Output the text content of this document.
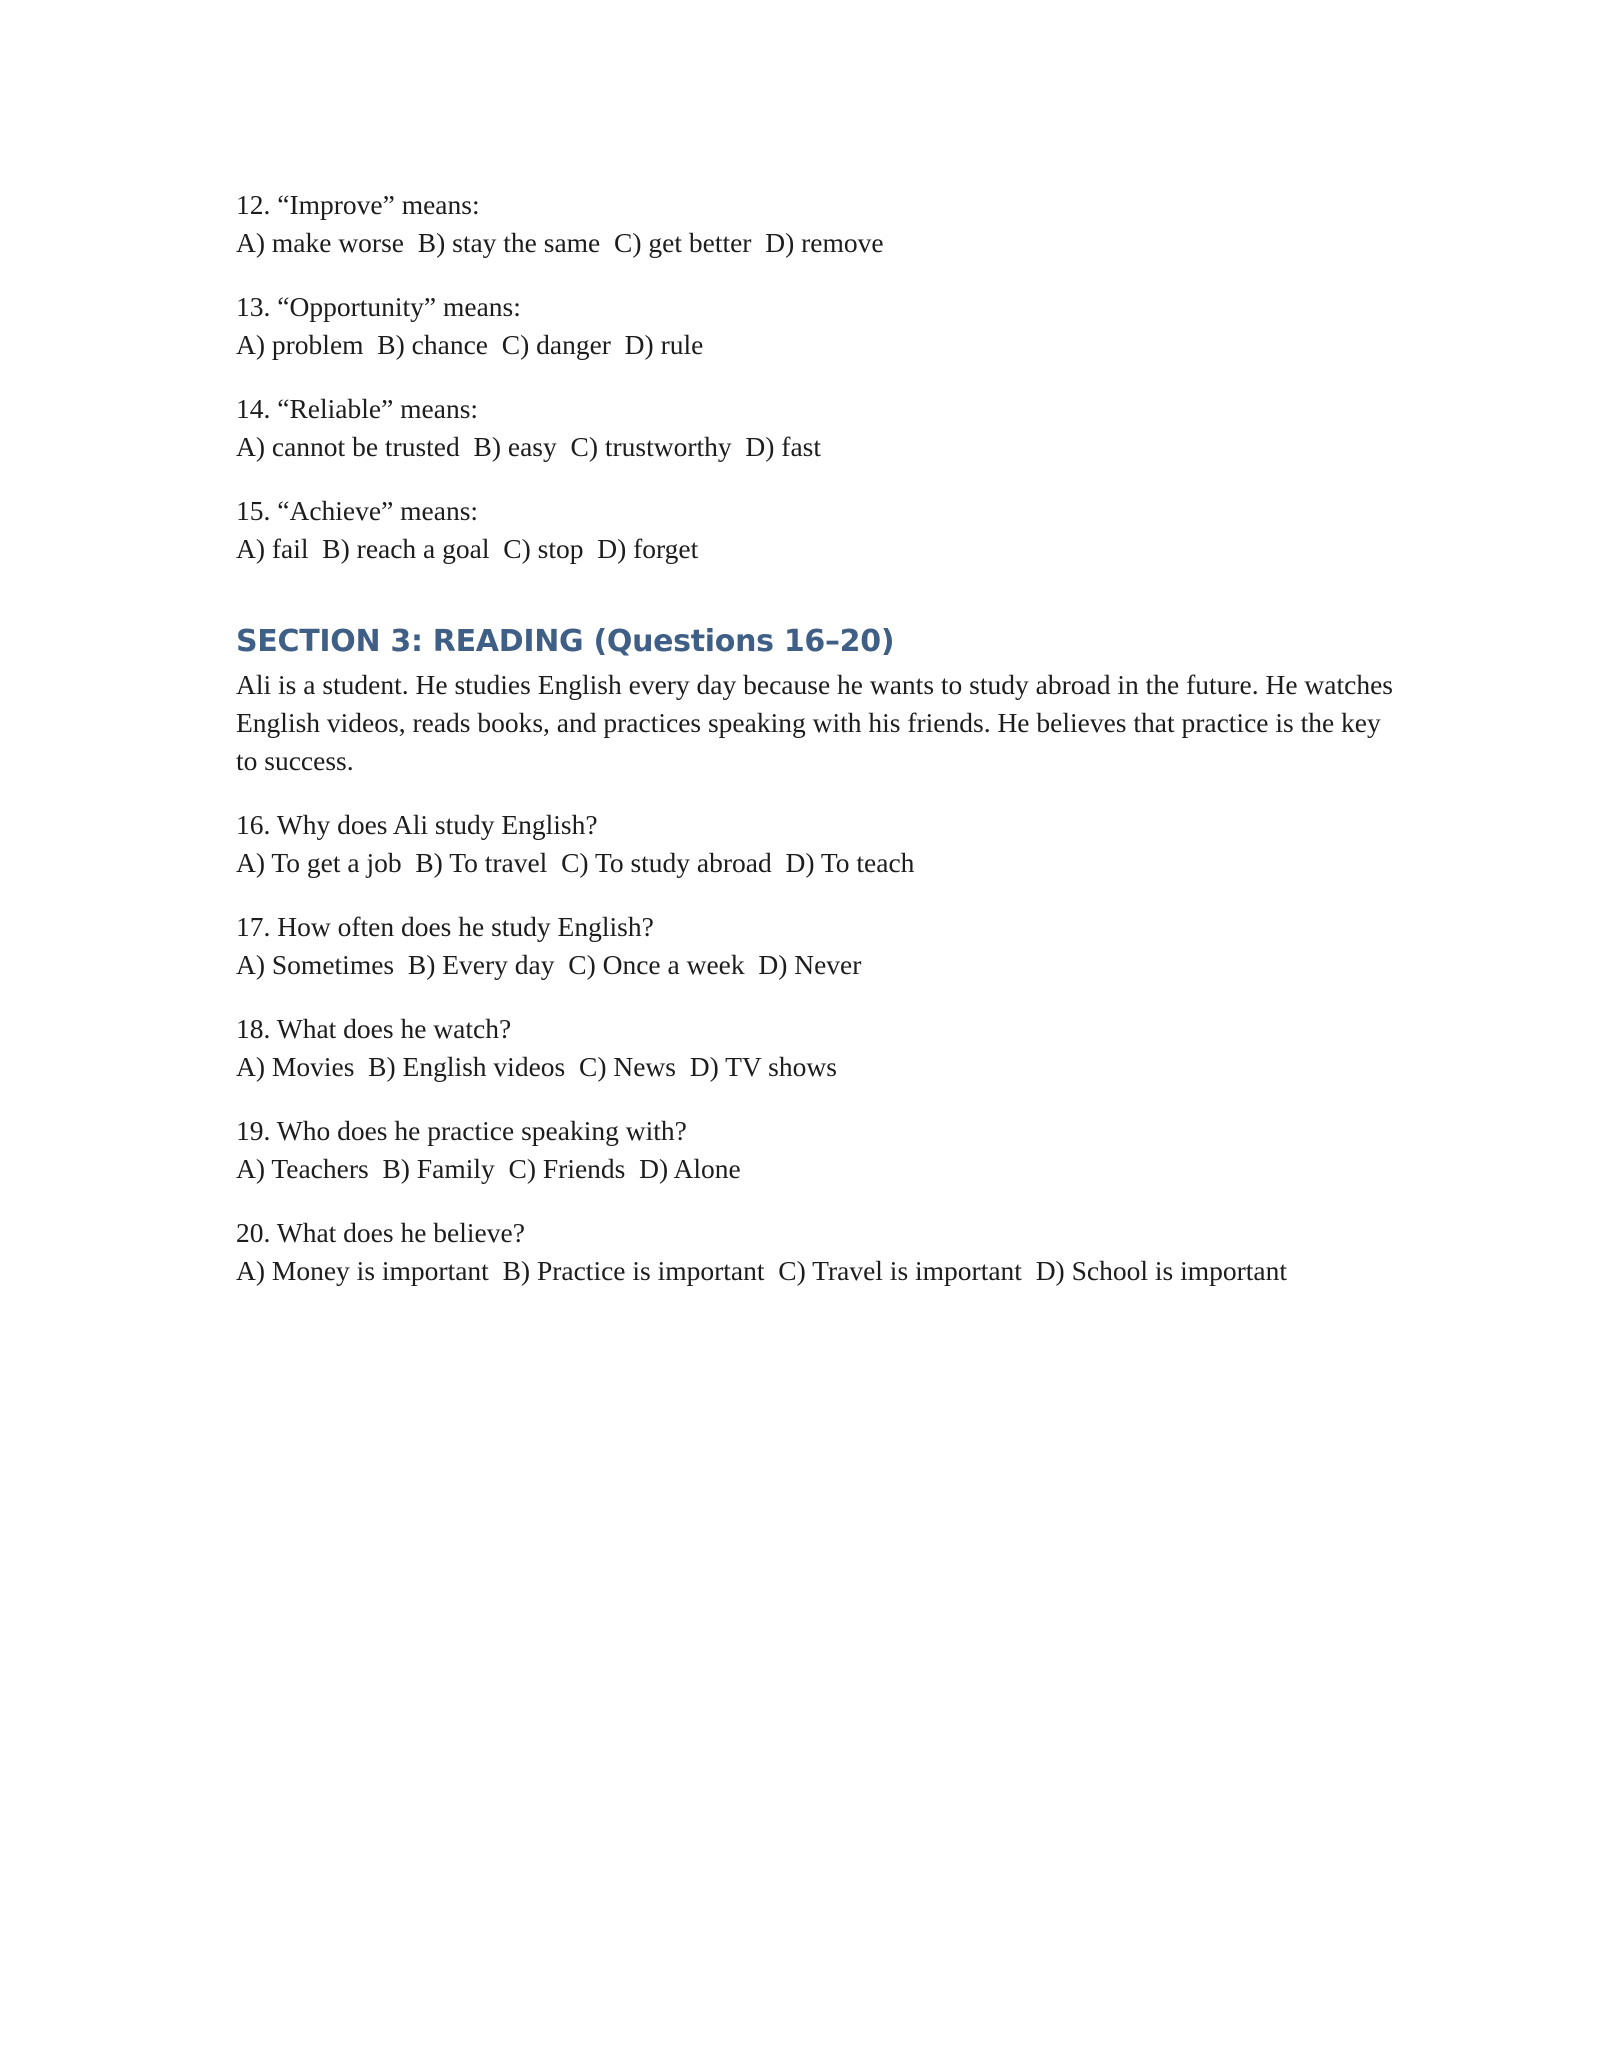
12. “Improve” means:
A) make worse  B) stay the same  C) get better  D) remove
13. “Opportunity” means:
A) problem  B) chance  C) danger  D) rule
14. “Reliable” means:
A) cannot be trusted  B) easy  C) trustworthy  D) fast
15. “Achieve” means:
A) fail  B) reach a goal  C) stop  D) forget
SECTION 3: READING (Questions 16–20)
Ali is a student. He studies English every day because he wants to study abroad in the future. He watches English videos, reads books, and practices speaking with his friends. He believes that practice is the key to success.
16. Why does Ali study English?
A) To get a job  B) To travel  C) To study abroad  D) To teach
17. How often does he study English?
A) Sometimes  B) Every day  C) Once a week  D) Never
18. What does he watch?
A) Movies  B) English videos  C) News  D) TV shows
19. Who does he practice speaking with?
A) Teachers  B) Family  C) Friends  D) Alone
20. What does he believe?
A) Money is important  B) Practice is important  C) Travel is important  D) School is important
